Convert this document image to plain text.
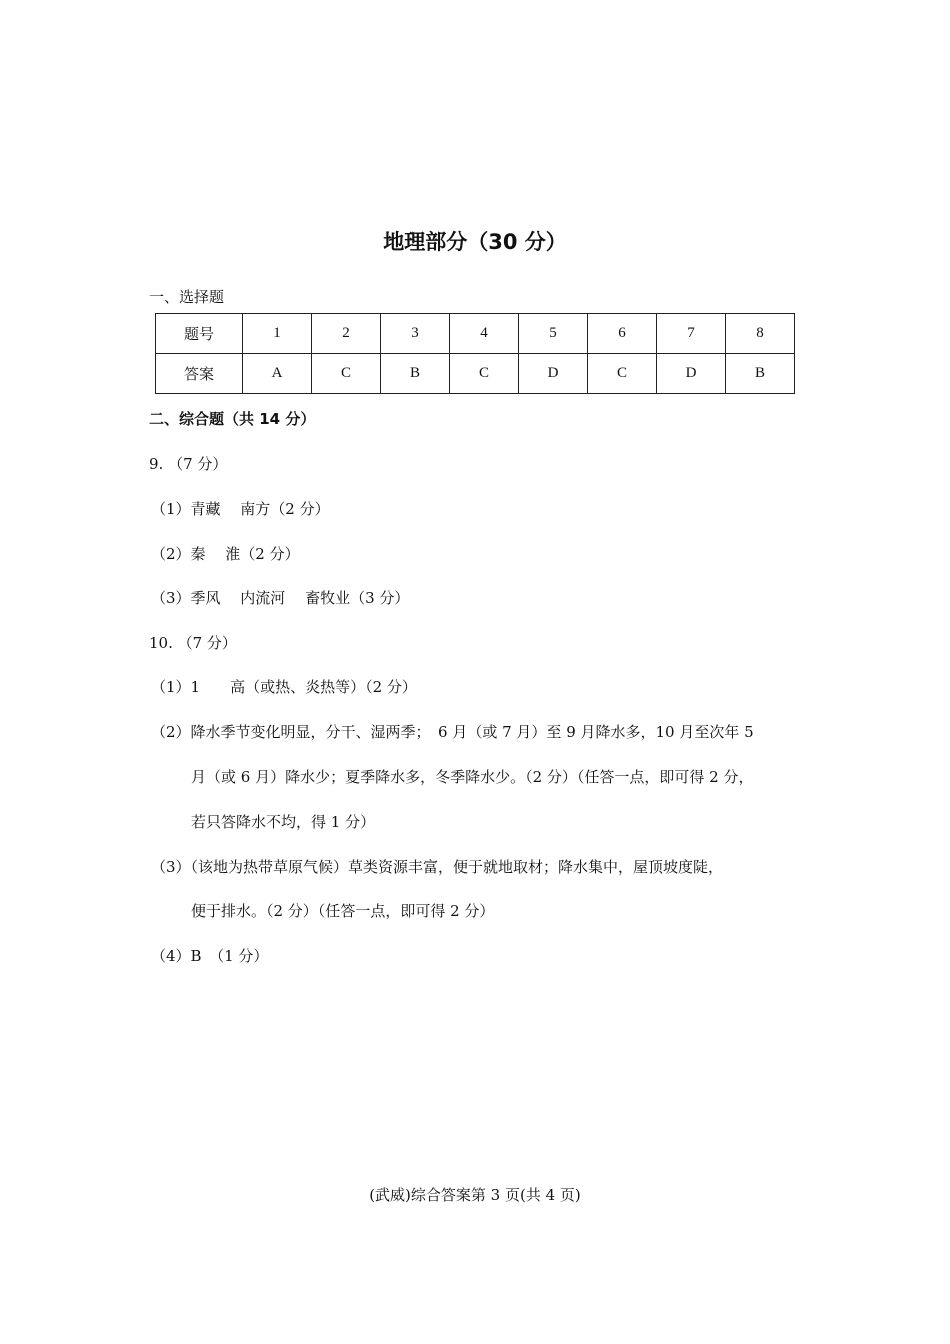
地理部分（30 分）
一、选择题
题号	1	2	3	4	5	6	7	8
答案	A	C	B	C	D	C	D	B
二、综合题（共 14 分）
9. （7 分）
（1）青藏　 南方（2 分）
（2）秦　 淮（2 分）
（3）季风　 内流河　 畜牧业（3 分）
10. （7 分）
（1）1　　高（或热、炎热等）（2 分）
（2）降水季节变化明显，分干、湿两季；　6 月（或 7 月）至 9 月降水多，10 月至次年 5
月（或 6 月）降水少；夏季降水多，冬季降水少。（2 分）（任答一点，即可得 2 分，
若只答降水不均，得 1 分）
（3）（该地为热带草原气候）草类资源丰富，便于就地取材；降水集中，屋顶坡度陡，
便于排水。（2 分）（任答一点，即可得 2 分）
（4）B　（1 分）
(武威)综合答案第 3 页(共 4 页)
